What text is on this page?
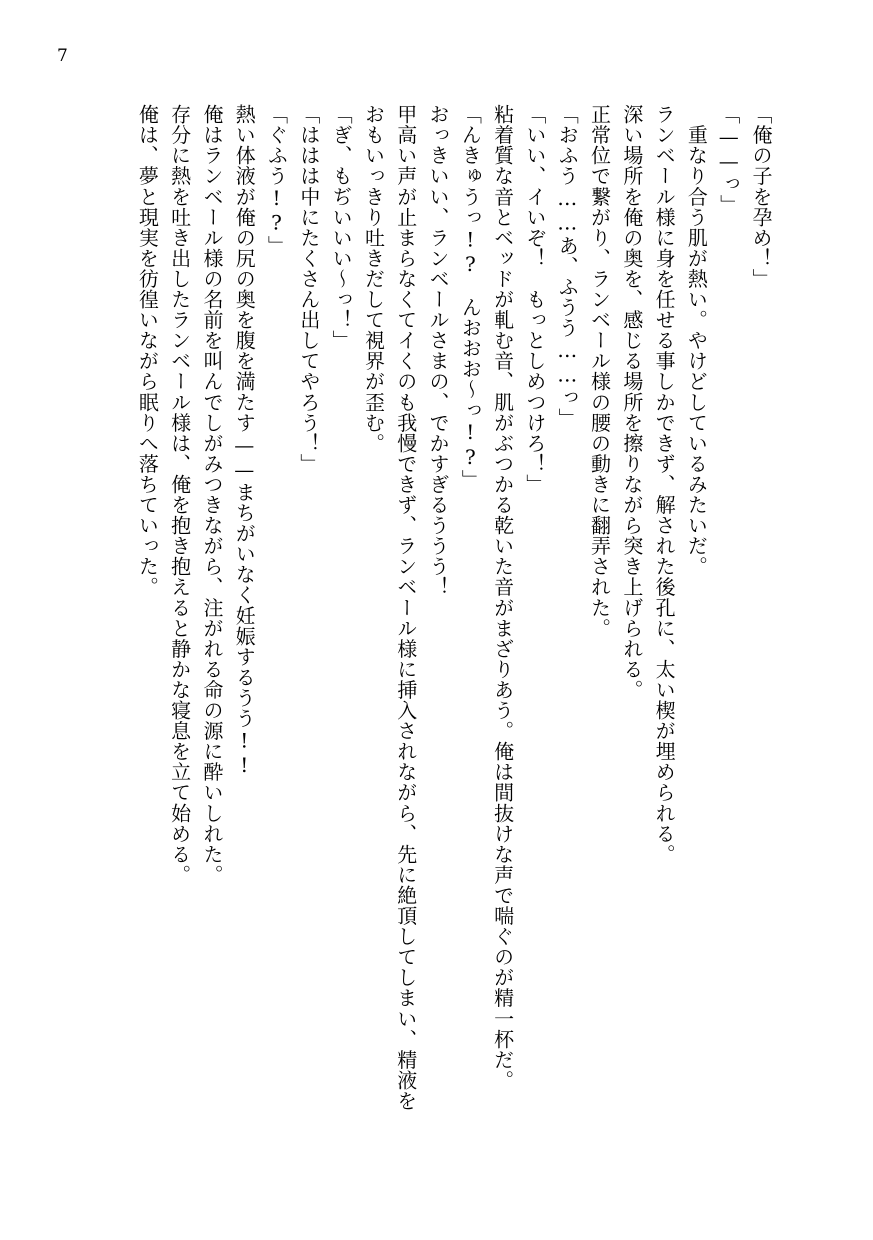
7
「俺の子を孕め！」
「——っ」
　重なり合う肌が熱い。やけどしているみたいだ。
ランベール様に身を任せる事しかできず、解された後孔に、太い楔が埋められる。
深い場所を俺の奥を、感じる場所を擦りながら突き上げられる。
正常位で繋がり、ランベール様の腰の動きに翻弄された。
「おふう……あ、ふうう……っ」
「いい、イいぞ！　もっとしめつけろ！」
粘着質な音とベッドが軋む音、肌がぶつかる乾いた音がまざりあう。俺は間抜けな声で喘ぐのが精一杯だ。
「んきゅうっ!?　んおおお～っ!?」
おっきいい、ランベールさまの、でかすぎるううう！
甲高い声が止まらなくてイくのも我慢できず、ランベール様に挿入されながら、先に絶頂してしまい、精液を
おもいっきり吐きだして視界が歪む。
「ぎ、もぢいいい～っ！」
「ははは中にたくさん出してやろう！」
「ぐふう!?」
熱い体液が俺の尻の奥を腹を満たす——まちがいなく妊娠するうう!!
俺はランベール様の名前を叫んでしがみつきながら、注がれる命の源に酔いしれた。
存分に熱を吐き出したランベール様は、俺を抱き抱えると静かな寝息を立て始める。
俺は、夢と現実を彷徨いながら眠りへ落ちていった。
